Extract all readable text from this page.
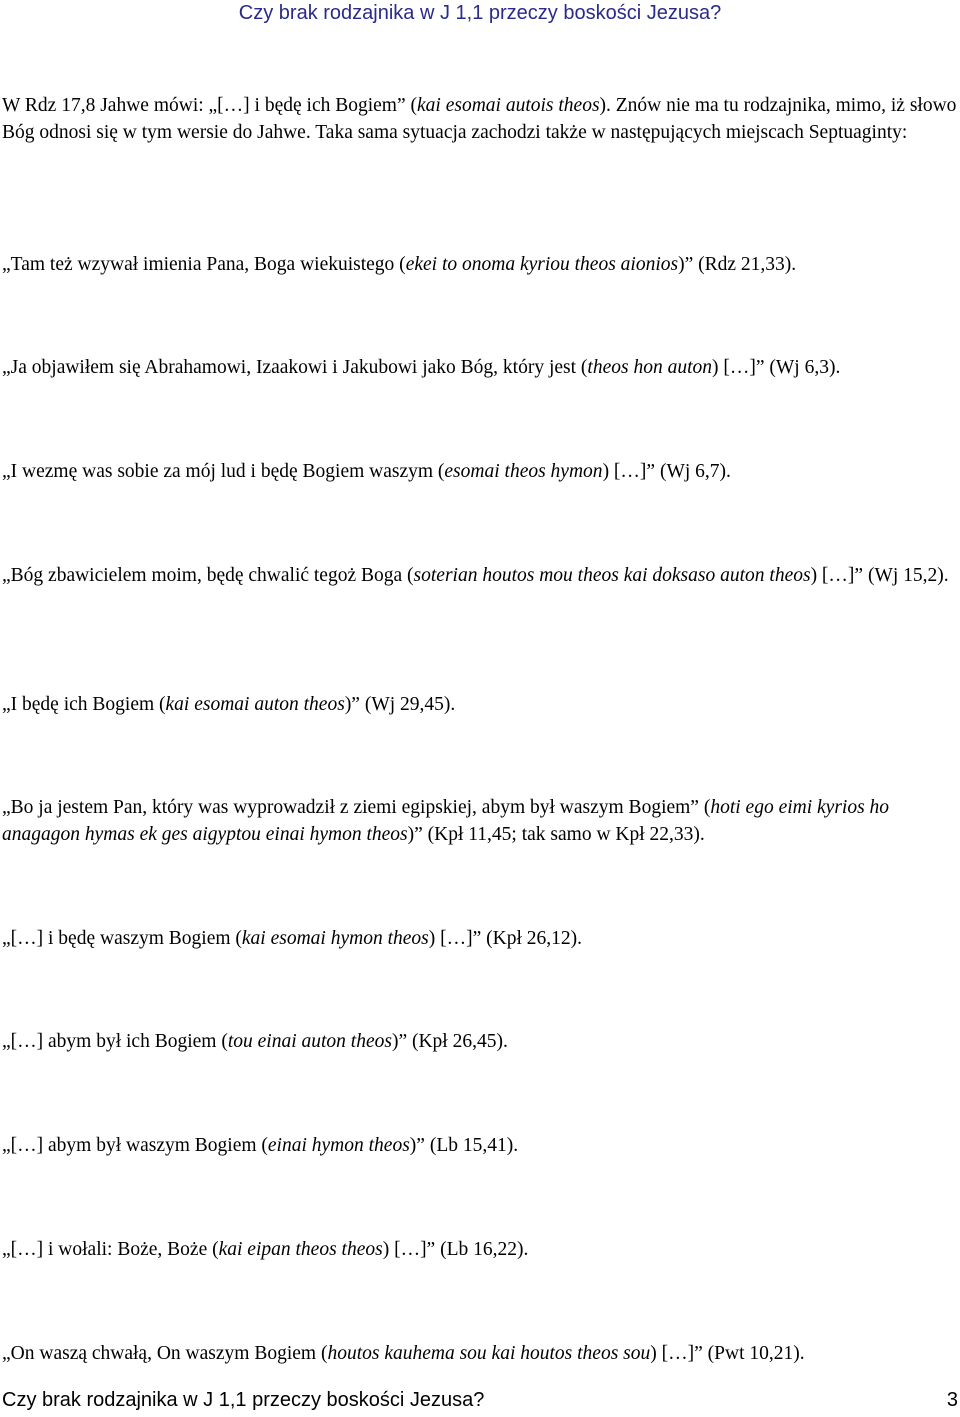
Czy brak rodzajnika w J 1,1 przeczy boskości Jezusa?

W Rdz 17,8 Jahwe mówi: „[…] i będę ich Bogiem” (kai esomai autois theos). Znów nie ma tu rodzajnika, mimo, iż słowo Bóg odnosi się w tym wersie do Jahwe. Taka sama sytuacja zachodzi także w następujących miejscach Septuaginty:

„Tam też wzywał imienia Pana, Boga wiekuistego (ekei to onoma kyriou theos aionios)” (Rdz 21,33).

„Ja objawiłem się Abrahamowi, Izaakowi i Jakubowi jako Bóg, który jest (theos hon auton) […]” (Wj 6,3).

„I wezmę was sobie za mój lud i będę Bogiem waszym (esomai theos hymon) […]” (Wj 6,7).

„Bóg zbawicielem moim, będę chwalić tegoż Boga (soterian houtos mou theos kai doksaso auton theos) […]” (Wj 15,2).

„I będę ich Bogiem (kai esomai auton theos)” (Wj 29,45).

„Bo ja jestem Pan, który was wyprowadził z ziemi egipskiej, abym był waszym Bogiem” (hoti ego eimi kyrios ho anagagon hymas ek ges aigyptou einai hymon theos)” (Kpł 11,45; tak samo w Kpł 22,33).

„[…] i będę waszym Bogiem (kai esomai hymon theos) […]” (Kpł 26,12).

„[…] abym był ich Bogiem (tou einai auton theos)” (Kpł 26,45).

„[…] abym był waszym Bogiem (einai hymon theos)” (Lb 15,41).

„[…] i wołali: Boże, Boże (kai eipan theos theos) […]” (Lb 16,22).

„On waszą chwałą, On waszym Bogiem (houtos kauhema sou kai houtos theos sou) […]” (Pwt 10,21).

Czy brak rodzajnika w J 1,1 przeczy boskości Jezusa?	3
